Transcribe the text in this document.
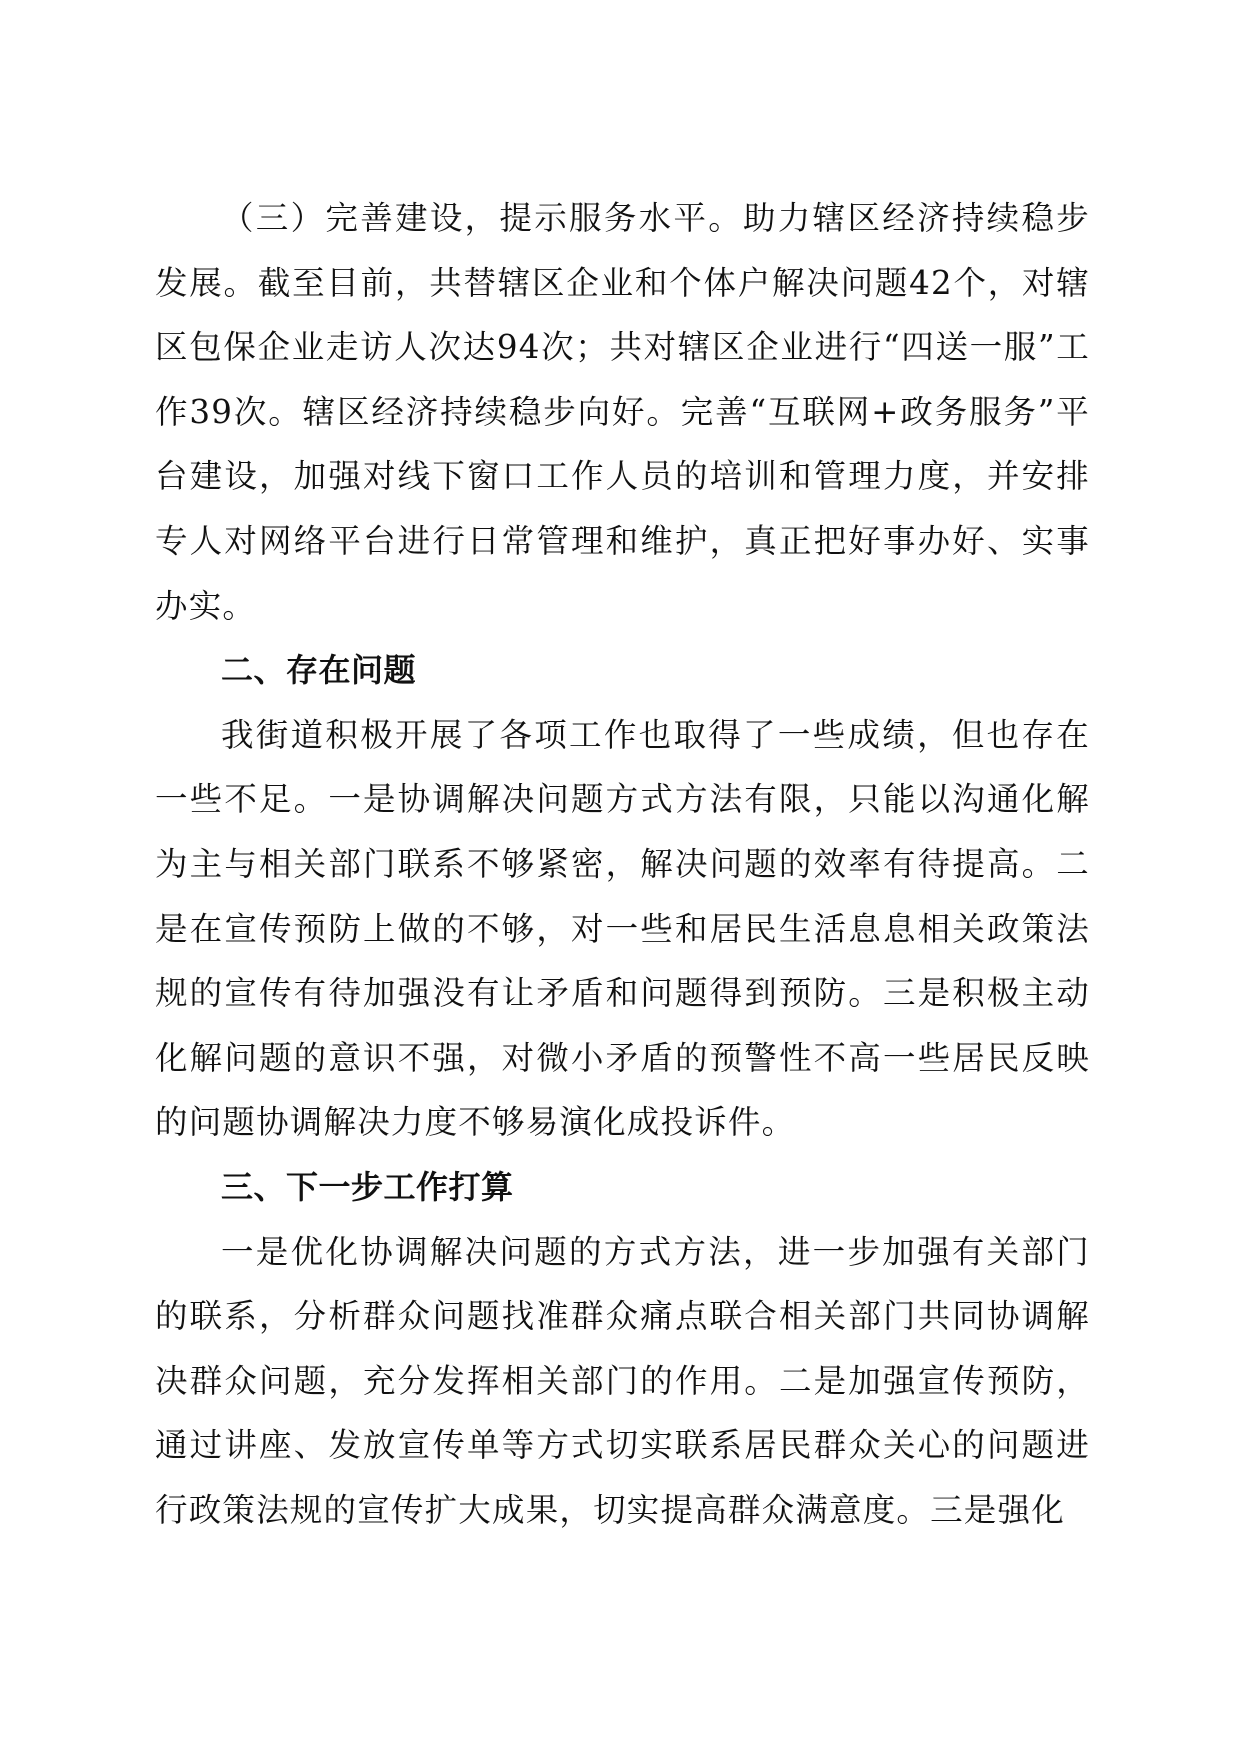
（三）完善建设，提示服务水平。助力辖区经济持续稳步发展。截至目前，共替辖区企业和个体户解决问题42个，对辖区包保企业走访人次达94次；共对辖区企业进行“四送一服”工作39次。辖区经济持续稳步向好。完善“互联网+政务服务”平台建设，加强对线下窗口工作人员的培训和管理力度，并安排专人对网络平台进行日常管理和维护，真正把好事办好、实事办实。

二、存在问题

我街道积极开展了各项工作也取得了一些成绩，但也存在一些不足。一是协调解决问题方式方法有限，只能以沟通化解为主与相关部门联系不够紧密，解决问题的效率有待提高。二是在宣传预防上做的不够，对一些和居民生活息息相关政策法规的宣传有待加强没有让矛盾和问题得到预防。三是积极主动化解问题的意识不强，对微小矛盾的预警性不高一些居民反映的问题协调解决力度不够易演化成投诉件。

三、下一步工作打算

一是优化协调解决问题的方式方法，进一步加强有关部门的联系，分析群众问题找准群众痛点联合相关部门共同协调解决群众问题，充分发挥相关部门的作用。二是加强宣传预防，通过讲座、发放宣传单等方式切实联系居民群众关心的问题进行政策法规的宣传扩大成果，切实提高群众满意度。三是强化
